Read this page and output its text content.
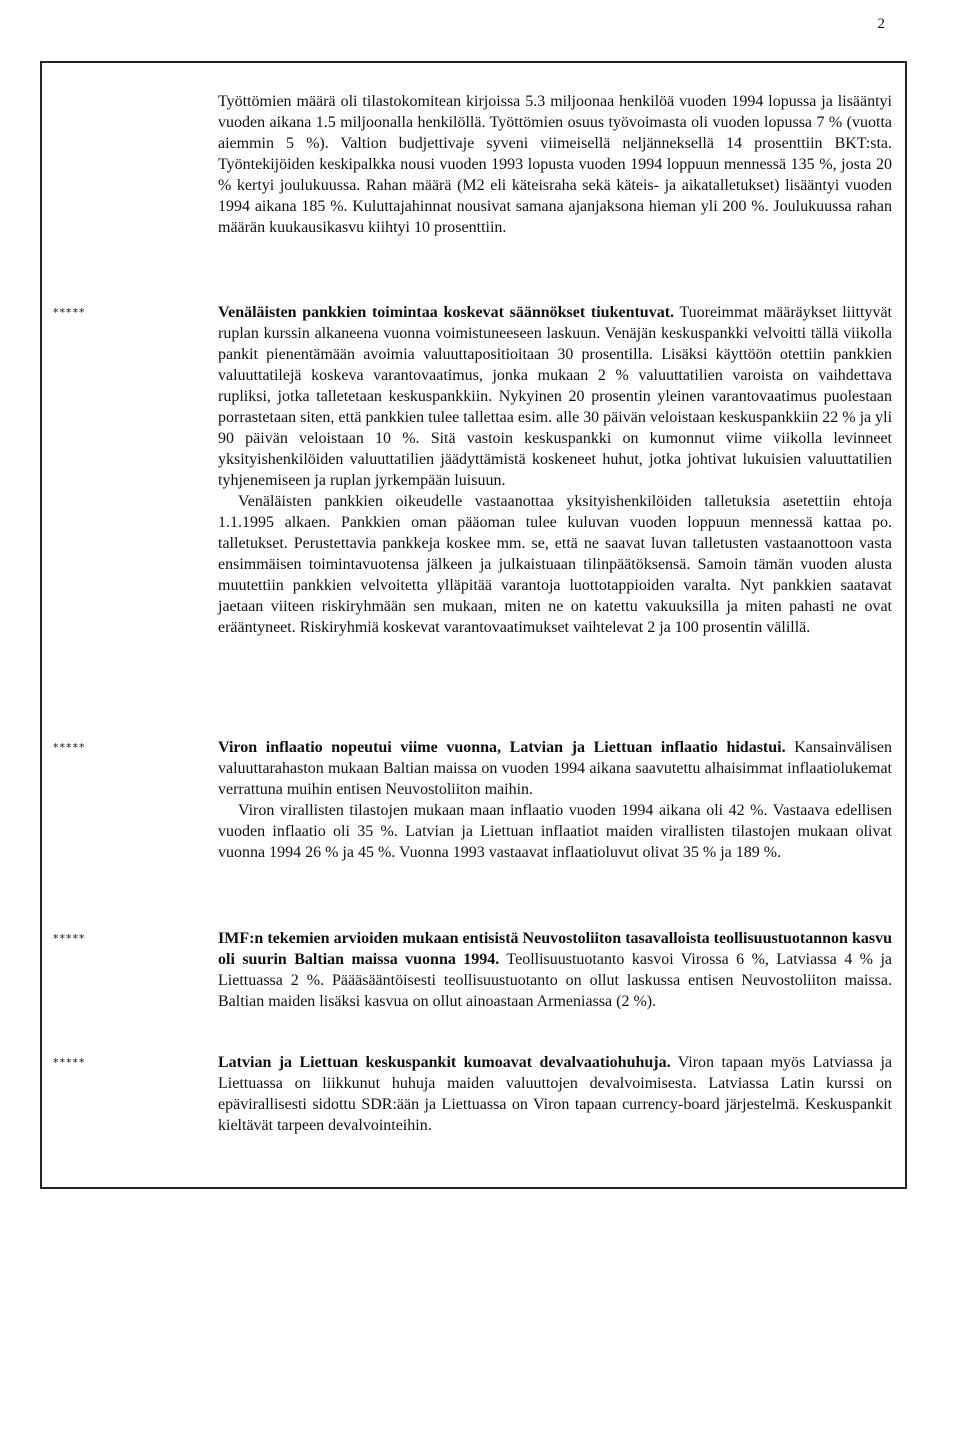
2

Työttömien määrä oli tilastokomitean kirjoissa 5.3 miljoonaa henkilöä vuoden 1994 lopussa ja lisääntyi vuoden aikana 1.5 miljoonalla henkilöllä. Työttömien osuus työvoimasta oli vuoden lopussa 7 % (vuotta aiemmin 5 %). Valtion budjettivaje syveni viimeisellä neljänneksellä 14 prosenttiin BKT:sta. Työntekijöiden keskipalkka nousi vuoden 1993 lopusta vuoden 1994 loppuun mennessä 135 %, josta 20 % kertyi joulukuussa. Rahan määrä (M2 eli käteisraha sekä käteis- ja aikatalletukset) lisääntyi vuoden 1994 aikana 185 %. Kuluttajahinnat nousivat samana ajanjaksona hieman yli 200 %. Joulukuussa rahan määrän kuukausikasvu kiihtyi 10 prosenttiin.

*****	Venäläisten pankkien toimintaa koskevat säännökset tiukentuvat. Tuoreimmat määräykset liittyvät ruplan kurssin alkaneena vuonna voimistuneeseen laskuun. Venäjän keskuspankki velvoitti tällä viikolla pankit pienentämään avoimia valuuttapositioitaan 30 prosentilla. Lisäksi käyttöön otettiin pankkien valuuttatilejä koskeva varantovaatimus, jonka mukaan 2 % valuuttatilien varoista on vaihdettava rupliksi, jotka talletetaan keskuspankkiin. Nykyinen 20 prosentin yleinen varantovaatimus puolestaan porrastetaan siten, että pankkien tulee tallettaa esim. alle 30 päivän veloistaan keskuspankkiin 22 % ja yli 90 päivän veloistaan 10 %. Sitä vastoin keskuspankki on kumonnut viime viikolla levinneet yksityishenkilöiden valuuttatilien jäädyttämistä koskeneet huhut, jotka johtivat lukuisien valuuttatilien tyhjenemiseen ja ruplan jyrkempään luisuun.

Venäläisten pankkien oikeudelle vastaanottaa yksityishenkilöiden talletuksia asetettiin ehtoja 1.1.1995 alkaen. Pankkien oman pääoman tulee kuluvan vuoden loppuun mennessä kattaa po. talletukset. Perustettavia pankkeja koskee mm. se, että ne saavat luvan talletusten vastaanottoon vasta ensimmäisen toimintavuotensa jälkeen ja julkaistuaan tilinpäätöksensä. Samoin tämän vuoden alusta muutettiin pankkien velvoitetta ylläpitää varantoja luottotappioiden varalta. Nyt pankkien saatavat jaetaan viiteen riskiryhmään sen mukaan, miten ne on katettu vakuuksilla ja miten pahasti ne ovat erääntyneet. Riskiryhmiä koskevat varantovaatimukset vaihtelevat 2 ja 100 prosentin välillä.

*****	Viron inflaatio nopeutui viime vuonna, Latvian ja Liettuan inflaatio hidastui. Kansainvälisen valuuttarahaston mukaan Baltian maissa on vuoden 1994 aikana saavutettu alhaisimmat inflaatiolukemat verrattuna muihin entisen Neuvostoliiton maihin.

Viron virallisten tilastojen mukaan maan inflaatio vuoden 1994 aikana oli 42 %. Vastaava edellisen vuoden inflaatio oli 35 %. Latvian ja Liettuan inflaatiot maiden virallisten tilastojen mukaan olivat vuonna 1994 26 % ja 45 %. Vuonna 1993 vastaavat inflaatioluvut olivat 35 % ja 189 %.

*****	IMF:n tekemien arvioiden mukaan entisistä Neuvostoliiton tasavalloista teollisuustuotannon kasvu oli suurin Baltian maissa vuonna 1994. Teollisuustuotanto kasvoi Virossa 6 %, Latviassa 4 % ja Liettuassa 2 %. Päääsääntöisesti teollisuustuotanto on ollut laskussa entisen Neuvostoliiton maissa. Baltian maiden lisäksi kasvua on ollut ainoastaan Armeniassa (2 %).

*****	Latvian ja Liettuan keskuspankit kumoavat devalvaatiohuhuja. Viron tapaan myös Latviassa ja Liettuassa on liikkunut huhuja maiden valuuttojen devalvoimisesta. Latviassa Latin kurssi on epävirallisesti sidottu SDR:ään ja Liettuassa on Viron tapaan currency-board järjestelmä. Keskuspankit kieltävät tarpeen devalvointeihin.
